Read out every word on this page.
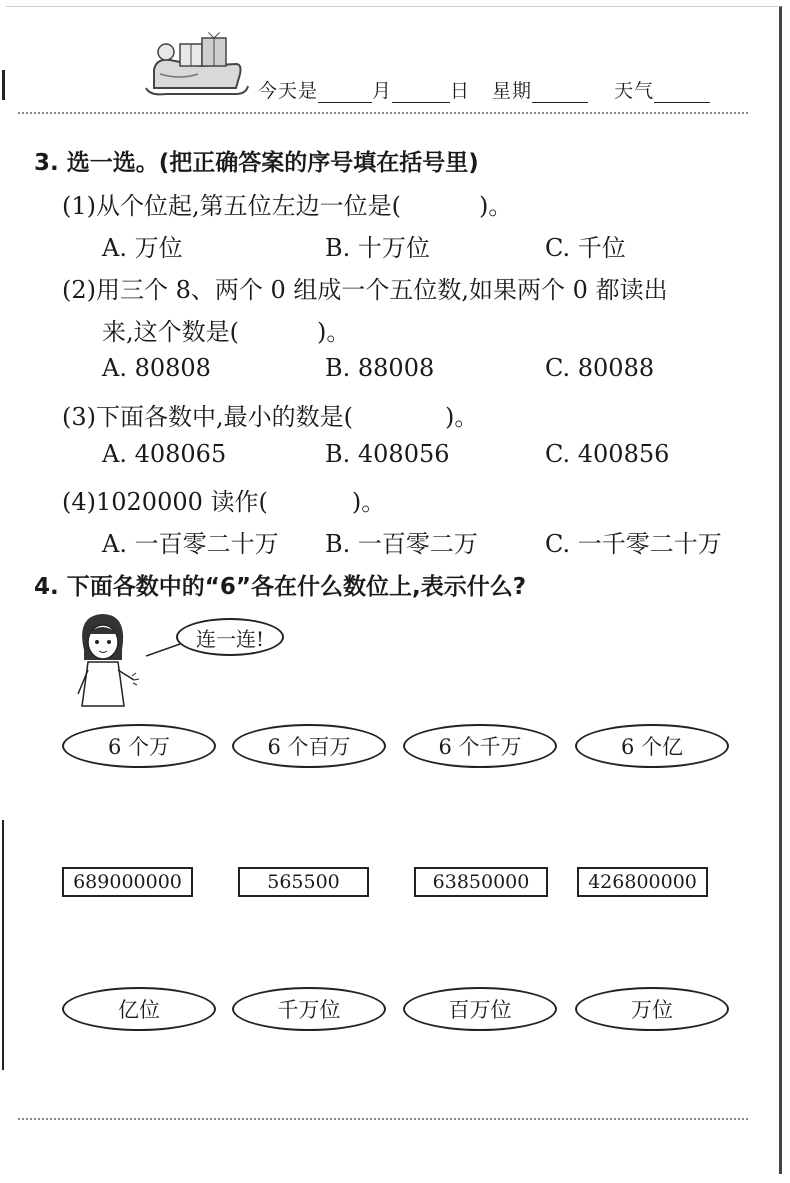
今天是	月	日 星期	天气
3. 选一选。(把正确答案的序号填在括号里)
(1)从个位起,第五位左边一位是(	)。
A. 万位	B. 十万位	C. 千位
(2)用三个 8、两个 0 组成一个五位数,如果两个 0 都读出
来,这个数是(	)。
A. 80808	B. 88008	C. 80088
(3)下面各数中,最小的数是(	)。
A. 408065	B. 408056	C. 400856
(4)1020000 读作(	)。
A. 一百零二十万 B. 一百零二万	C. 一千零二十万
4. 下面各数中的“6”各在什么数位上,表示什么?
连一连!
6 个万	6 个百万	6 个千万	6 个亿
689000000	565500	63850000	426800000
亿位	千万位	百万位	万位
